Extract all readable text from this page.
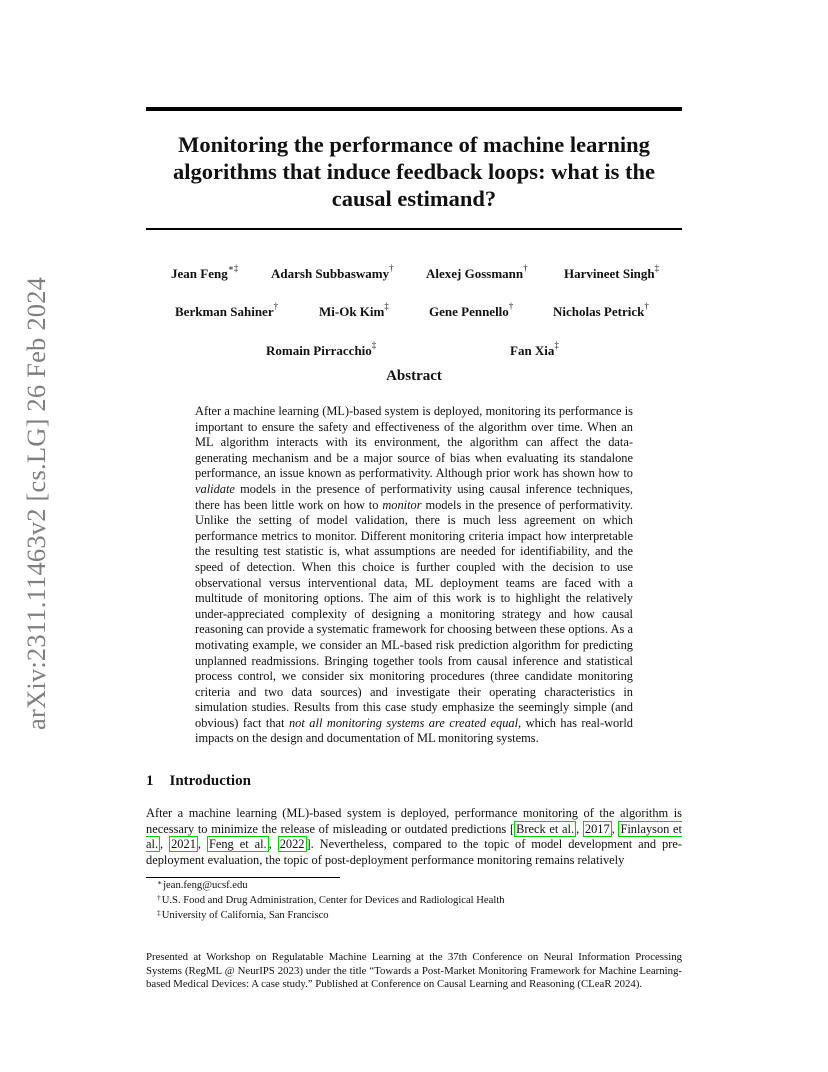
arXiv:2311.11463v2 [cs.LG] 26 Feb 2024
Monitoring the performance of machine learning algorithms that induce feedback loops: what is the causal estimand?
Jean Feng∗‡	Adarsh Subbaswamy† Alexej Gossmann†	Harvineet Singh‡
Berkman Sahiner†	Mi-Ok Kim‡	Gene Pennello†	Nicholas Petrick†
Romain Pirracchio‡	Fan Xia‡
Abstract

After a machine learning (ML)-based system is deployed, monitoring its performance is important to ensure the safety and effectiveness of the algorithm over time. When an ML algorithm interacts with its environment, the algorithm can affect the data-generating mechanism and be a major source of bias when evaluating its standalone performance, an issue known as performativity. Although prior work has shown how to validate models in the presence of performativity using causal inference techniques, there has been little work on how to monitor models in the presence of performativity. Unlike the setting of model validation, there is much less agreement on which performance metrics to monitor. Different monitoring criteria impact how interpretable the resulting test statistic is, what assumptions are needed for identifiability, and the speed of detection. When this choice is further coupled with the decision to use observational versus interventional data, ML deployment teams are faced with a multitude of monitoring options. The aim of this work is to highlight the relatively under-appreciated complexity of designing a monitoring strategy and how causal reasoning can provide a systematic framework for choosing between these options. As a motivating example, we consider an ML-based risk prediction algorithm for predicting unplanned readmissions. Bringing together tools from causal inference and statistical process control, we consider six monitoring procedures (three candidate monitoring criteria and two data sources) and investigate their operating characteristics in simulation studies. Results from this case study emphasize the seemingly simple (and obvious) fact that not all monitoring systems are created equal, which has real-world impacts on the design and documentation of ML monitoring systems.

1 Introduction
After a machine learning (ML)-based system is deployed, performance monitoring of the algorithm is necessary to minimize the release of misleading or outdated predictions [ Breck et al. , 2017 , Finlayson et al. , 2021 , Feng et al. , 2022 ]. Nevertheless, compared to the topic of model development and pre-deployment evaluation, the topic of post-deployment performance monitoring remains relatively
∗jean.feng@ucsf.edu
†U.S. Food and Drug Administration, Center for Devices and Radiological Health
‡University of California, San Francisco
Presented at Workshop on Regulatable Machine Learning at the 37th Conference on Neural Information Processing Systems (RegML @ NeurIPS 2023) under the title “Towards a Post-Market Monitoring Framework for Machine Learning-based Medical Devices: A case study.” Published at Conference on Causal Learning and Reasoning (CLeaR 2024).
